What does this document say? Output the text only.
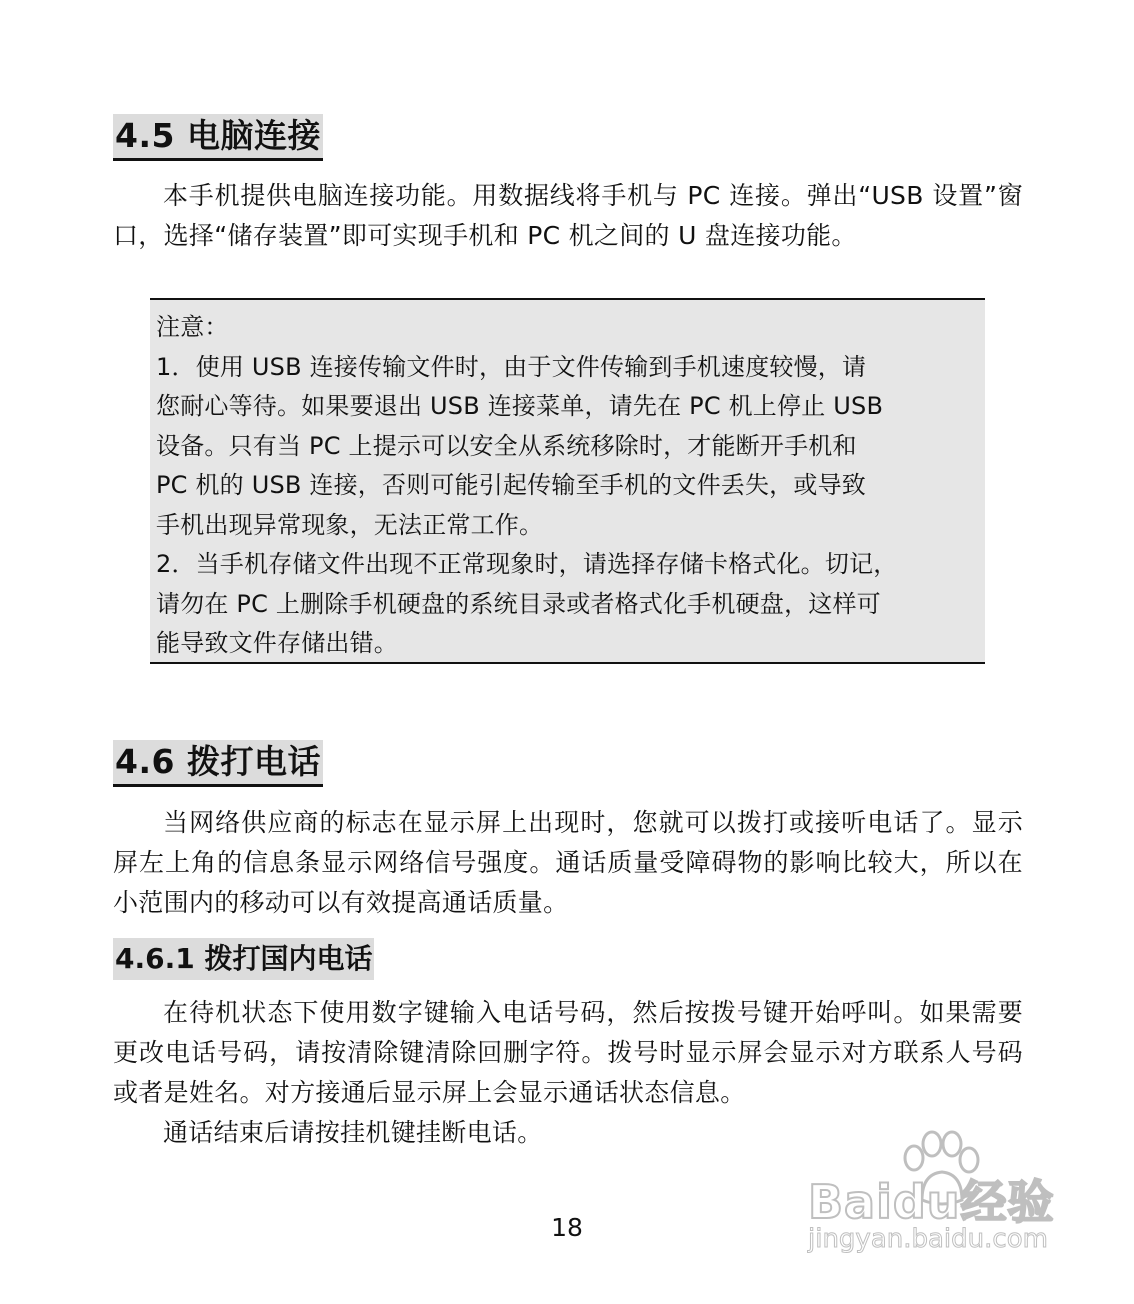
4.5 电脑连接

本手机提供电脑连接功能。用数据线将手机与 PC 连接。弹出“USB 设置”窗口，选择“储存装置”即可实现手机和 PC 机之间的 U 盘连接功能。

注意：

1．使用 USB 连接传输文件时，由于文件传输到手机速度较慢，请

您耐心等待。如果要退出 USB 连接菜单，请先在 PC 机上停止 USB

设备。只有当 PC 上提示可以安全从系统移除时，才能断开手机和

PC 机的 USB 连接，否则可能引起传输至手机的文件丢失，或导致

手机出现异常现象，无法正常工作。

2．当手机存储文件出现不正常现象时，请选择存储卡格式化。切记，

请勿在 PC 上删除手机硬盘的系统目录或者格式化手机硬盘，这样可

能导致文件存储出错。

4.6 拨打电话

当网络供应商的标志在显示屏上出现时，您就可以拨打或接听电话了。显示屏左上角的信息条显示网络信号强度。通话质量受障碍物的影响比较大，所以在小范围内的移动可以有效提高通话质量。

4.6.1 拨打国内电话

在待机状态下使用数字键输入电话号码，然后按拨号键开始呼叫。如果需要更改电话号码，请按清除键清除回删字符。拨号时显示屏会显示对方联系人号码或者是姓名。对方接通后显示屏上会显示通话状态信息。

通话结束后请按挂机键挂断电话。

18	Baidu经验
jingyan.baidu.com
